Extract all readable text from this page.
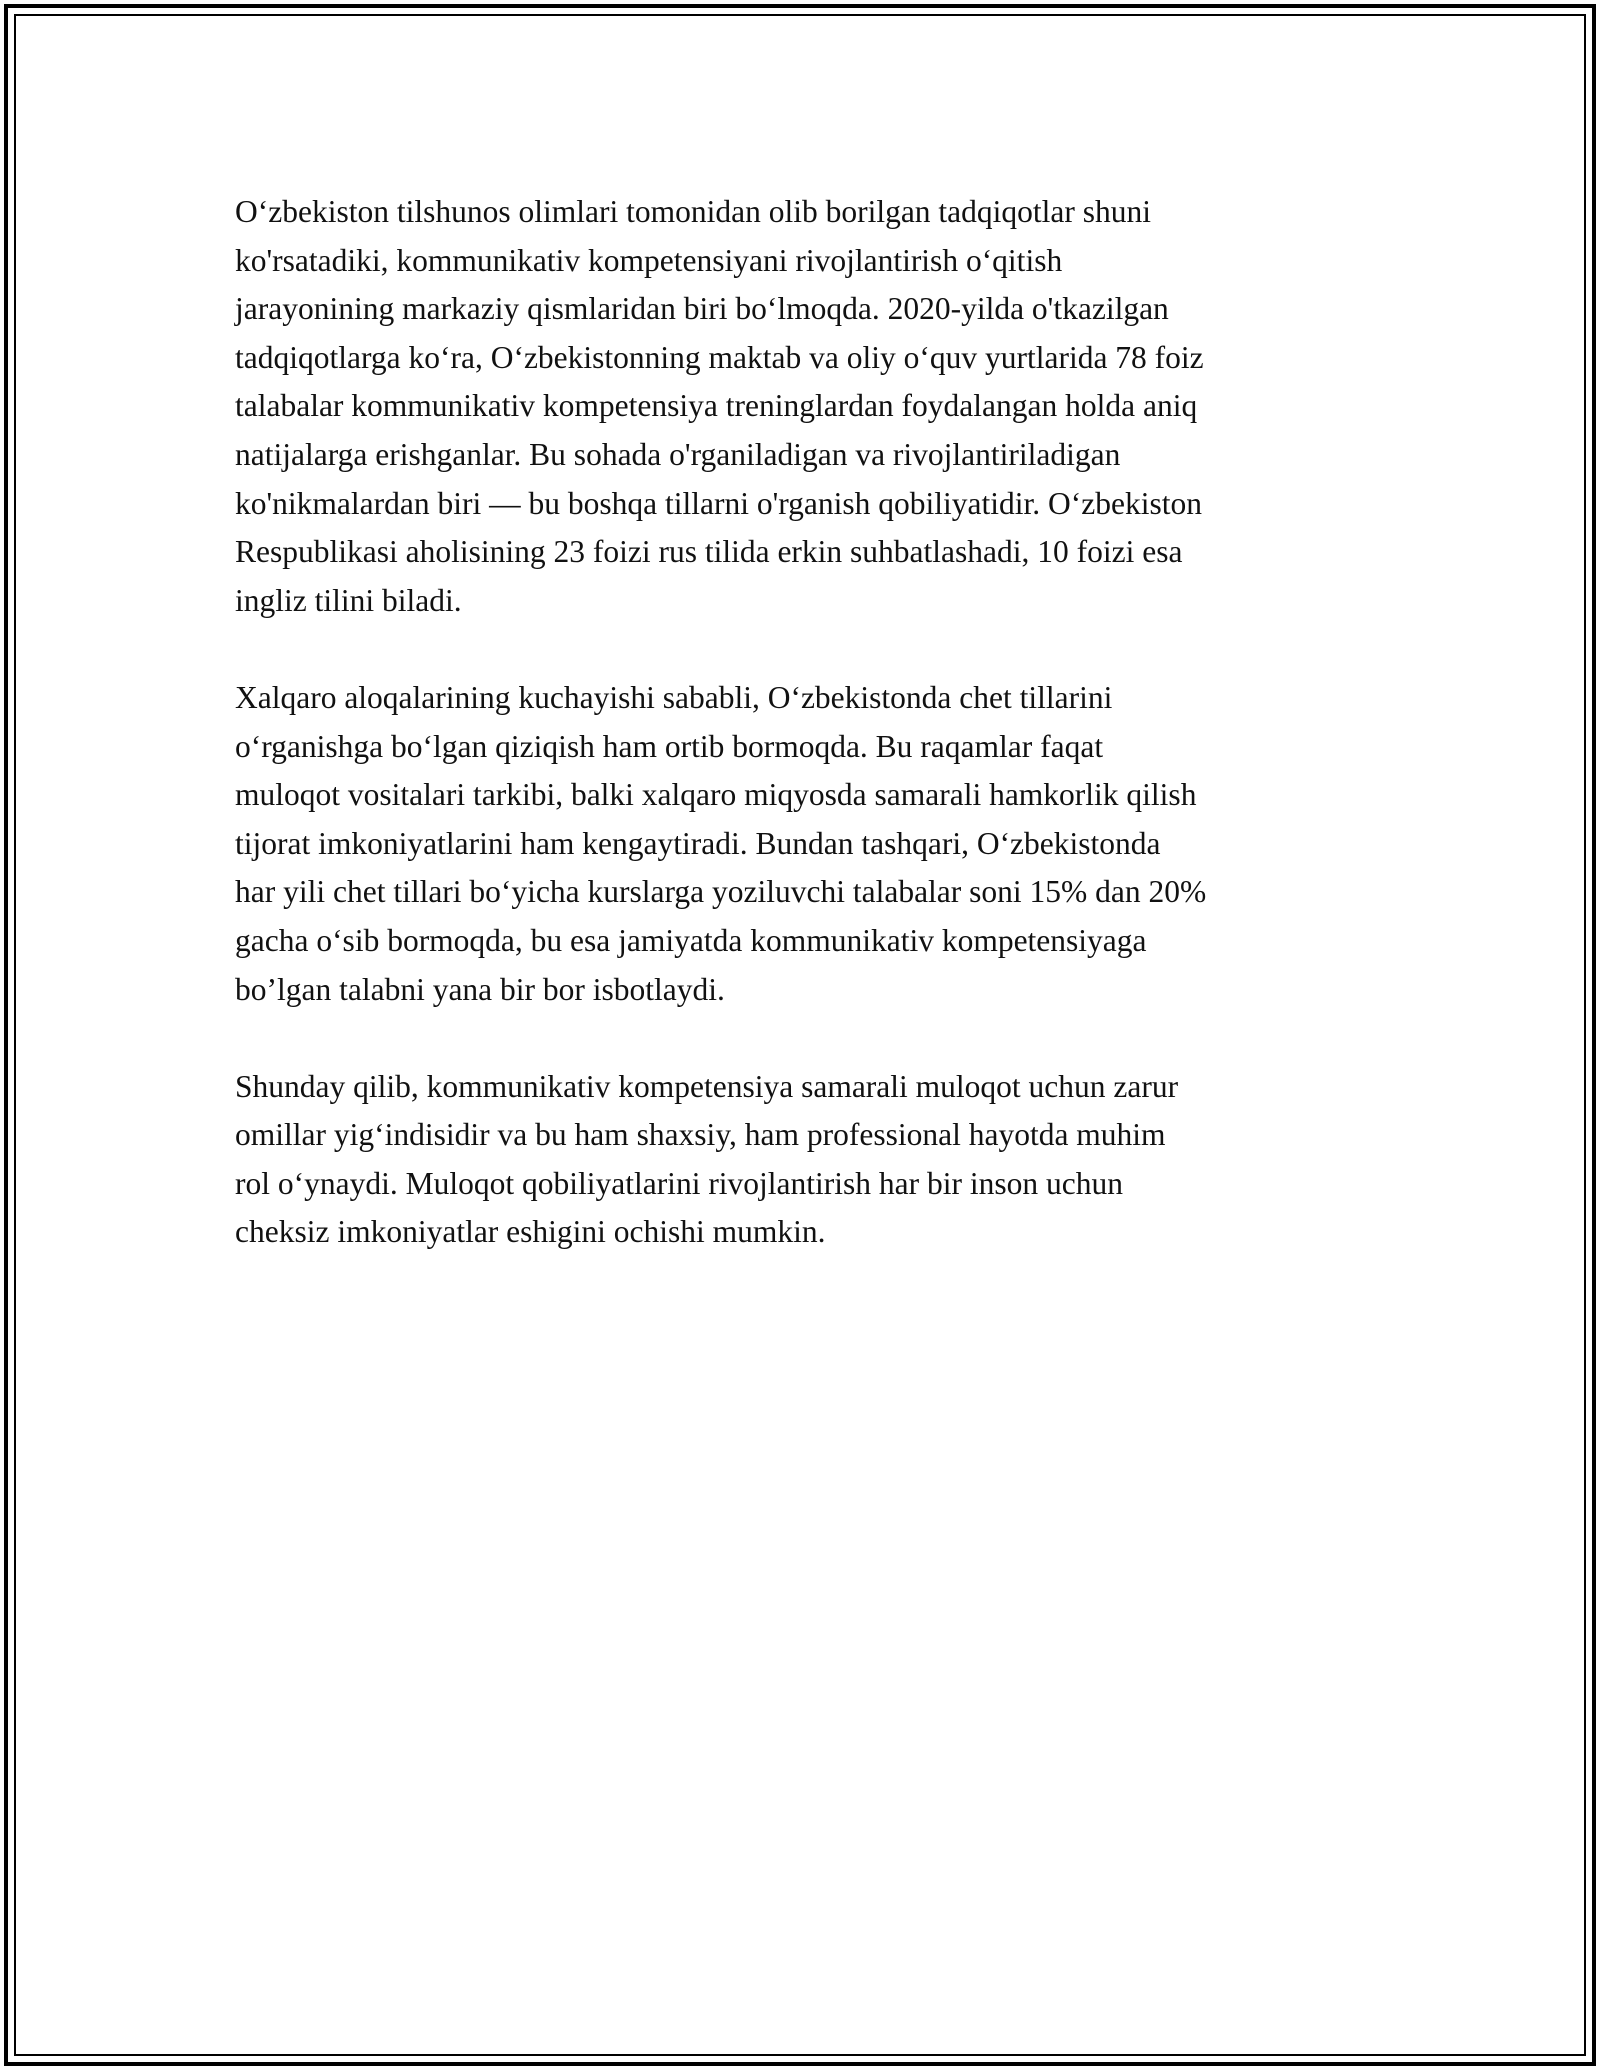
O‘zbekiston tilshunos olimlari tomonidan olib borilgan tadqiqotlar shuni
ko'rsatadiki, kommunikativ kompetensiyani rivojlantirish o‘qitish
jarayonining markaziy qismlaridan biri bo‘lmoqda. 2020-yilda o'tkazilgan
tadqiqotlarga ko‘ra, O‘zbekistonning maktab va oliy o‘quv yurtlarida 78 foiz
talabalar kommunikativ kompetensiya treninglardan foydalangan holda aniq
natijalarga erishganlar. Bu sohada o'rganiladigan va rivojlantiriladigan
ko'nikmalardan biri — bu boshqa tillarni o'rganish qobiliyatidir. O‘zbekiston
Respublikasi aholisining 23 foizi rus tilida erkin suhbatlashadi, 10 foizi esa
ingliz tilini biladi.

Xalqaro aloqalarining kuchayishi sababli, O‘zbekistonda chet tillarini
o‘rganishga bo‘lgan qiziqish ham ortib bormoqda. Bu raqamlar faqat
muloqot vositalari tarkibi, balki xalqaro miqyosda samarali hamkorlik qilish
tijorat imkoniyatlarini ham kengaytiradi. Bundan tashqari, O‘zbekistonda
har yili chet tillari bo‘yicha kurslarga yoziluvchi talabalar soni 15% dan 20%
gacha o‘sib bormoqda, bu esa jamiyatda kommunikativ kompetensiyaga
bo’lgan talabni yana bir bor isbotlaydi.

Shunday qilib, kommunikativ kompetensiya samarali muloqot uchun zarur
omillar yig‘indisidir va bu ham shaxsiy, ham professional hayotda muhim
rol o‘ynaydi. Muloqot qobiliyatlarini rivojlantirish har bir inson uchun
cheksiz imkoniyatlar eshigini ochishi mumkin.
